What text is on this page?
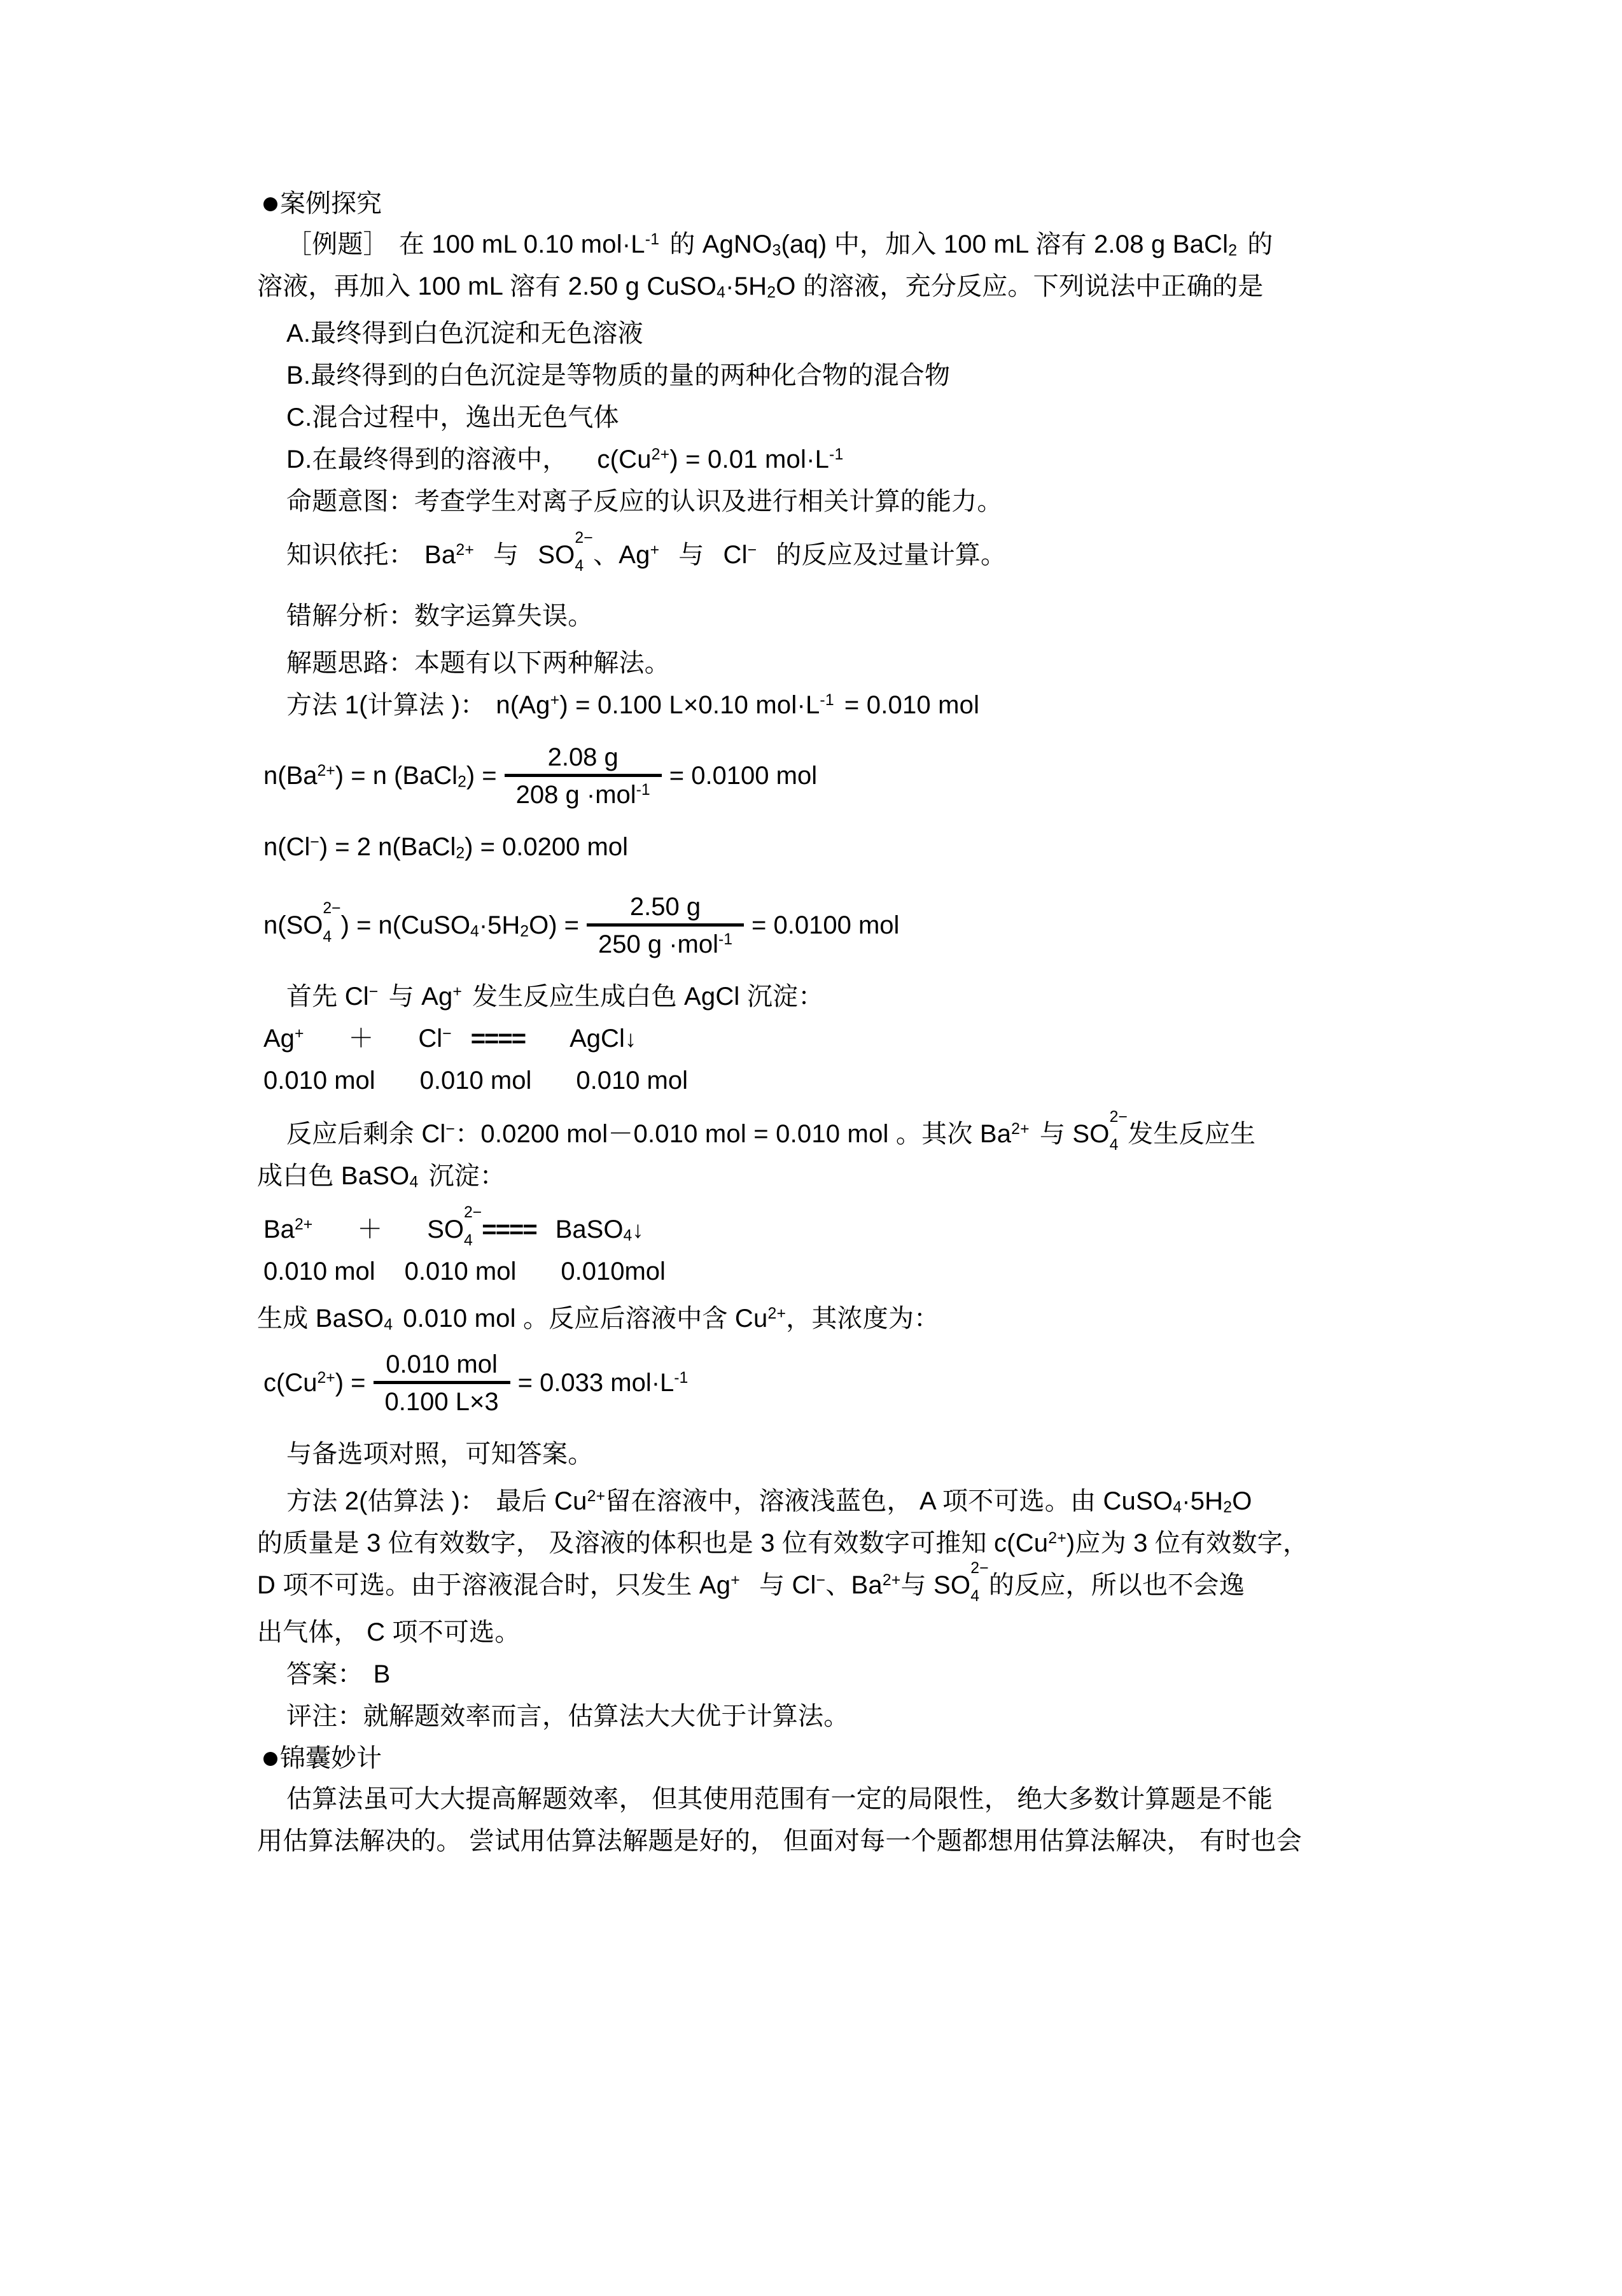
案例探究
［例题］ 在 100 mL 0.10 $mol\cdot L^{-1}$ 的 AgNO$_3$(aq) 中，加入 100 mL 溶有 2.08 g BaCl$_2$ 的
溶液，再加入 100 mL 溶有 2.50 g $CuSO_4\cdot 5H_2O$ 的溶液，充分反应。下列说法中正确的是
A.最终得到白色沉淀和无色溶液
B.最终得到的白色沉淀是等物质的量的两种化合物的混合物
C.混合过程中，逸出无色气体
D.在最终得到的溶液中， $c(Cu^{2+}) = 0.01$ $mol\cdot L^{-1}$
命题意图：考查学生对离子反应的认识及进行相关计算的能力。
知识依托： $Ba^{2+}$ 与 SO
2−
4 、Ag+ 与 Cl− 的反应及过量计算。
错解分析：数字运算失误。
解题思路：本题有以下两种解法。
方法 1(计算法 )： n(Ag+) = 0.100 L×0.10 $mol\cdot L^{-1} = 0.010$ mol
$n(Ba^{2+}) = n$ (BaCl$_2$) =
2.08 g
208 g ·mol$^{-1}$
= 0.0100 mol
n(Cl−) = 2 n(BaCl$_2$) = 0.0200 mol
n(SO
2−
4 ) = $n(CuSO_4\cdot 5H_2O)$ =
2.50 g
250 g ·mol$^{-1}$
= 0.0100 mol
首先 Cl− 与 Ag+ 发生反应生成白色 AgCl 沉淀：
Ag+ ＋ Cl− ==== AgCl↓
0.010 mol 0.010 mol 0.010 mol
反应后剩余 Cl−：0.0200 mol－0.010 mol = 0.010 mol 。其次 $Ba^{2+}$ 与 SO
2−
4 发生反应生
成白色 BaSO$_4$ 沉淀：
$Ba^{2+}$ ＋ SO
2−
4 ==== BaSO$_4$↓
0.010 mol 0.010 mol 0.010mol
生成 BaSO$_4$ 0.010 mol 。反应后溶液中含 $Cu^{2+}$，其浓度为：
$c(Cu^{2+})$ =
0.010 mol
0.100 L×3
= 0.033 $mol\cdot L^{-1}$
与备选项对照，可知答案。
方法 2(估算法 )： 最后 $Cu^{2+}$留在溶液中，溶液浅蓝色， A 项不可选。由 $CuSO_4\cdot 5H_2O$
的质量是 3 位有效数字， 及溶液的体积也是 3 位有效数字可推知 $c(Cu^{2+})$应为 3 位有效数字，
D 项不可选。由于溶液混合时，只发生 Ag+ 与 Cl−、$Ba^{2+}$与 SO
2−
4 的反应，所以也不会逸
出气体， C 项不可选。
答案： B
评注：就解题效率而言，估算法大大优于计算法。
锦囊妙计
估算法虽可大大提高解题效率， 但其使用范围有一定的局限性， 绝大多数计算题是不能
用估算法解决的。 尝试用估算法解题是好的， 但面对每一个题都想用估算法解决， 有时也会
